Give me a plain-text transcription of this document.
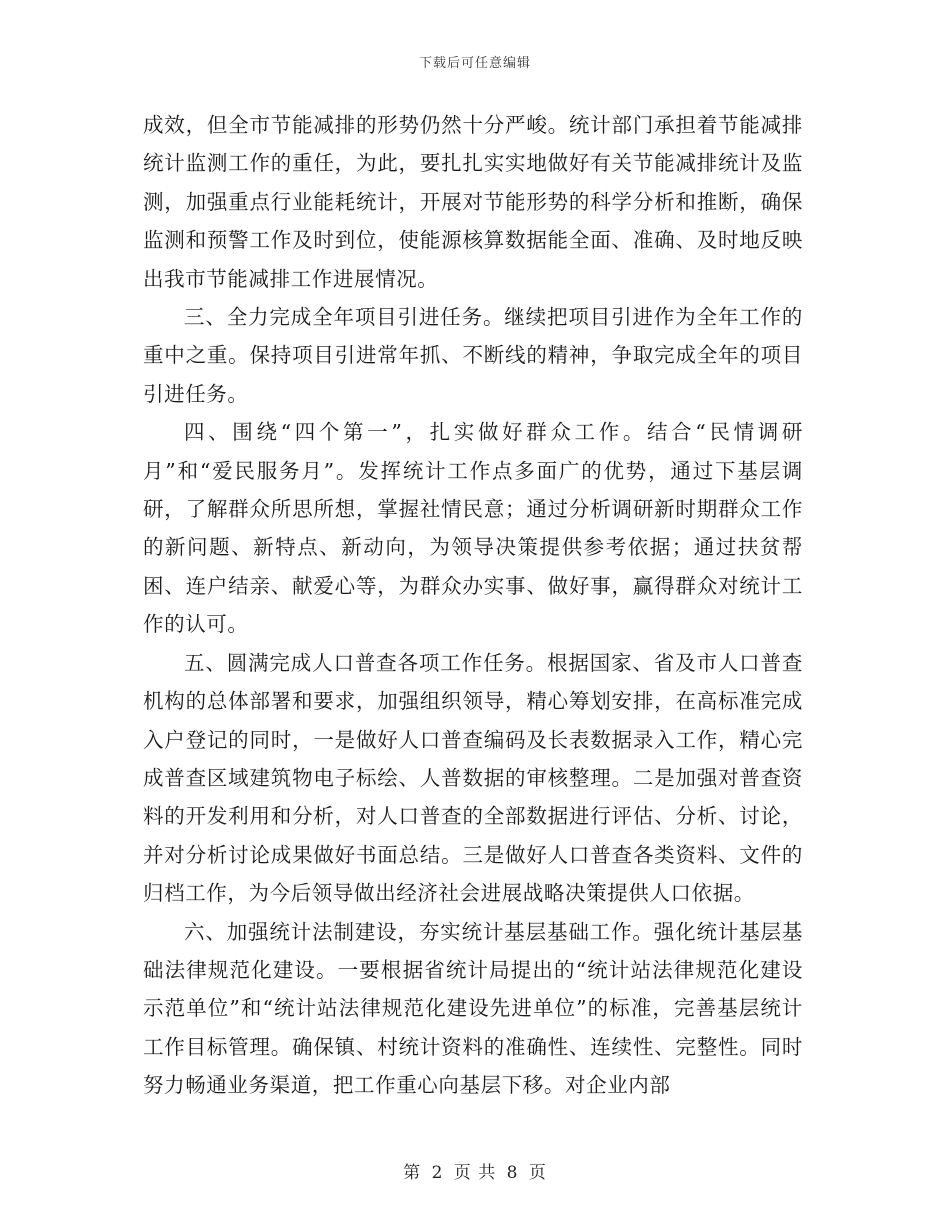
下载后可任意编辑

成效，但全市节能减排的形势仍然十分严峻。统计部门承担着节能减排统计监测工作的重任，为此，要扎扎实实地做好有关节能减排统计及监测，加强重点行业能耗统计，开展对节能形势的科学分析和推断，确保监测和预警工作及时到位，使能源核算数据能全面、准确、及时地反映出我市节能减排工作进展情况。

三、全力完成全年项目引进任务。继续把项目引进作为全年工作的重中之重。保持项目引进常年抓、不断线的精神，争取完成全年的项目引进任务。

四、围绕“四个第一”，扎实做好群众工作。结合“民情调研月”和“爱民服务月”。发挥统计工作点多面广的优势，通过下基层调研，了解群众所思所想，掌握社情民意；通过分析调研新时期群众工作的新问题、新特点、新动向，为领导决策提供参考依据；通过扶贫帮困、连户结亲、献爱心等，为群众办实事、做好事，赢得群众对统计工作的认可。

五、圆满完成人口普查各项工作任务。根据国家、省及市人口普查机构的总体部署和要求，加强组织领导，精心筹划安排，在高标准完成入户登记的同时，一是做好人口普查编码及长表数据录入工作，精心完成普查区域建筑物电子标绘、人普数据的审核整理。二是加强对普查资料的开发利用和分析，对人口普查的全部数据进行评估、分析、讨论，并对分析讨论成果做好书面总结。三是做好人口普查各类资料、文件的归档工作，为今后领导做出经济社会进展战略决策提供人口依据。

六、加强统计法制建设，夯实统计基层基础工作。强化统计基层基础法律规范化建设。一要根据省统计局提出的“统计站法律规范化建设示范单位”和“统计站法律规范化建设先进单位”的标准，完善基层统计工作目标管理。确保镇、村统计资料的准确性、连续性、完整性。同时努力畅通业务渠道，把工作重心向基层下移。对企业内部

第 2 页 共 8 页
